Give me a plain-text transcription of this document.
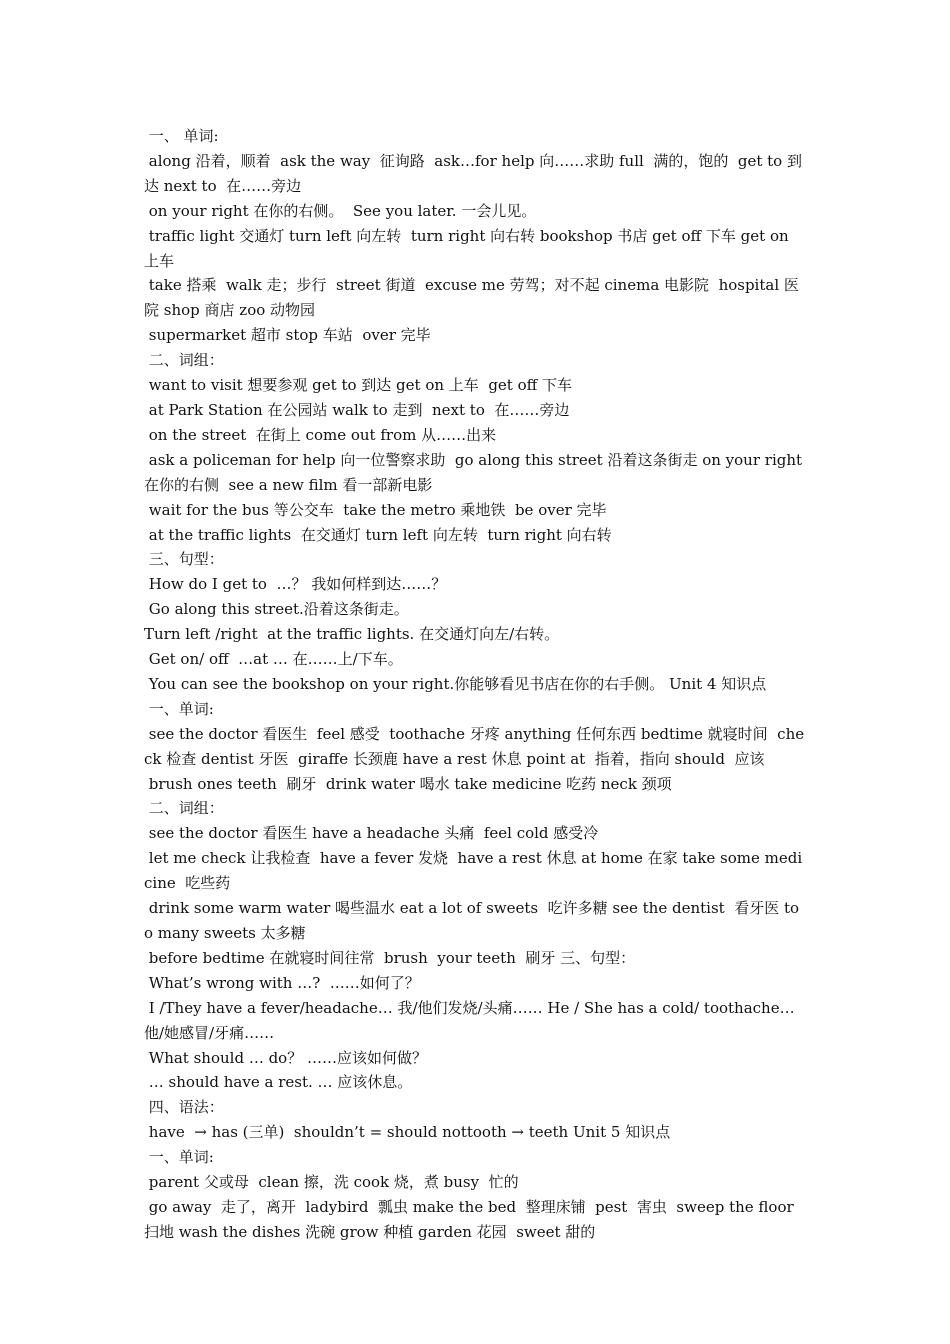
一、 单词:

along 沿着，顺着  ask the way  征询路  ask…for help 向……求助 full  满的，饱的  get to 到达 next to  在……旁边

on your right 在你的右侧。  See you later. 一会儿见。

traffic light 交通灯 turn left 向左转  turn right 向右转 bookshop 书店 get off 下车 get on 上车

take 搭乘  walk 走；步行  street 街道  excuse me 劳驾；对不起 cinema 电影院  hospital 医院 shop 商店 zoo 动物园

supermarket 超市 stop 车站  over 完毕

二、词组：

want to visit 想要参观 get to 到达 get on 上车  get off 下车

at Park Station 在公园站 walk to 走到  next to  在……旁边

on the street  在街上 come out from 从……出来

ask a policeman for help 向一位警察求助  go along this street 沿着这条街走 on your right 在你的右侧  see a new film 看一部新电影

wait for the bus 等公交车  take the metro 乘地铁  be over 完毕

at the traffic lights  在交通灯 turn left 向左转  turn right 向右转

三、句型：

How do I get to  …？ 我如何样到达……？

Go along this street.沿着这条街走。

Turn left /right  at the traffic lights. 在交通灯向左/右转。

Get on/ off  …at … 在……上/下车。

You can see the bookshop on your right.你能够看见书店在你的右手侧。 Unit 4 知识点

一、单词:

see the doctor 看医生  feel 感受  toothache 牙疼 anything 任何东西 bedtime 就寝时间  check 检查 dentist 牙医  giraffe 长颈鹿 have a rest 休息 point at  指着，指向 should  应该

brush ones teeth  刷牙  drink water 喝水 take medicine 吃药 neck 颈项

二、词组：

see the doctor 看医生 have a headache 头痛  feel cold 感受冷

let me check 让我检查  have a fever 发烧  have a rest 休息 at home 在家 take some medicine  吃些药

drink some warm water 喝些温水 eat a lot of sweets  吃许多糖 see the dentist  看牙医 too many sweets 太多糖

before bedtime 在就寝时间往常  brush  your teeth  刷牙 三、句型：

What’s wrong with …?  ……如何了？

I /They have a fever/headache… 我/他们发烧/头痛…… He / She has a cold/ toothache…  他/她感冒/牙痛……

What should … do？ ……应该如何做？

… should have a rest. … 应该休息。

四、语法：

have  → has (三单)  shouldn’t = should nottooth → teeth Unit 5 知识点

一、单词:

parent 父或母  clean 擦，洗 cook 烧，煮 busy  忙的

go away  走了，离开  ladybird  瓢虫 make the bed  整理床铺  pest  害虫  sweep the floor  扫地 wash the dishes 洗碗 grow 种植 garden 花园  sweet 甜的
